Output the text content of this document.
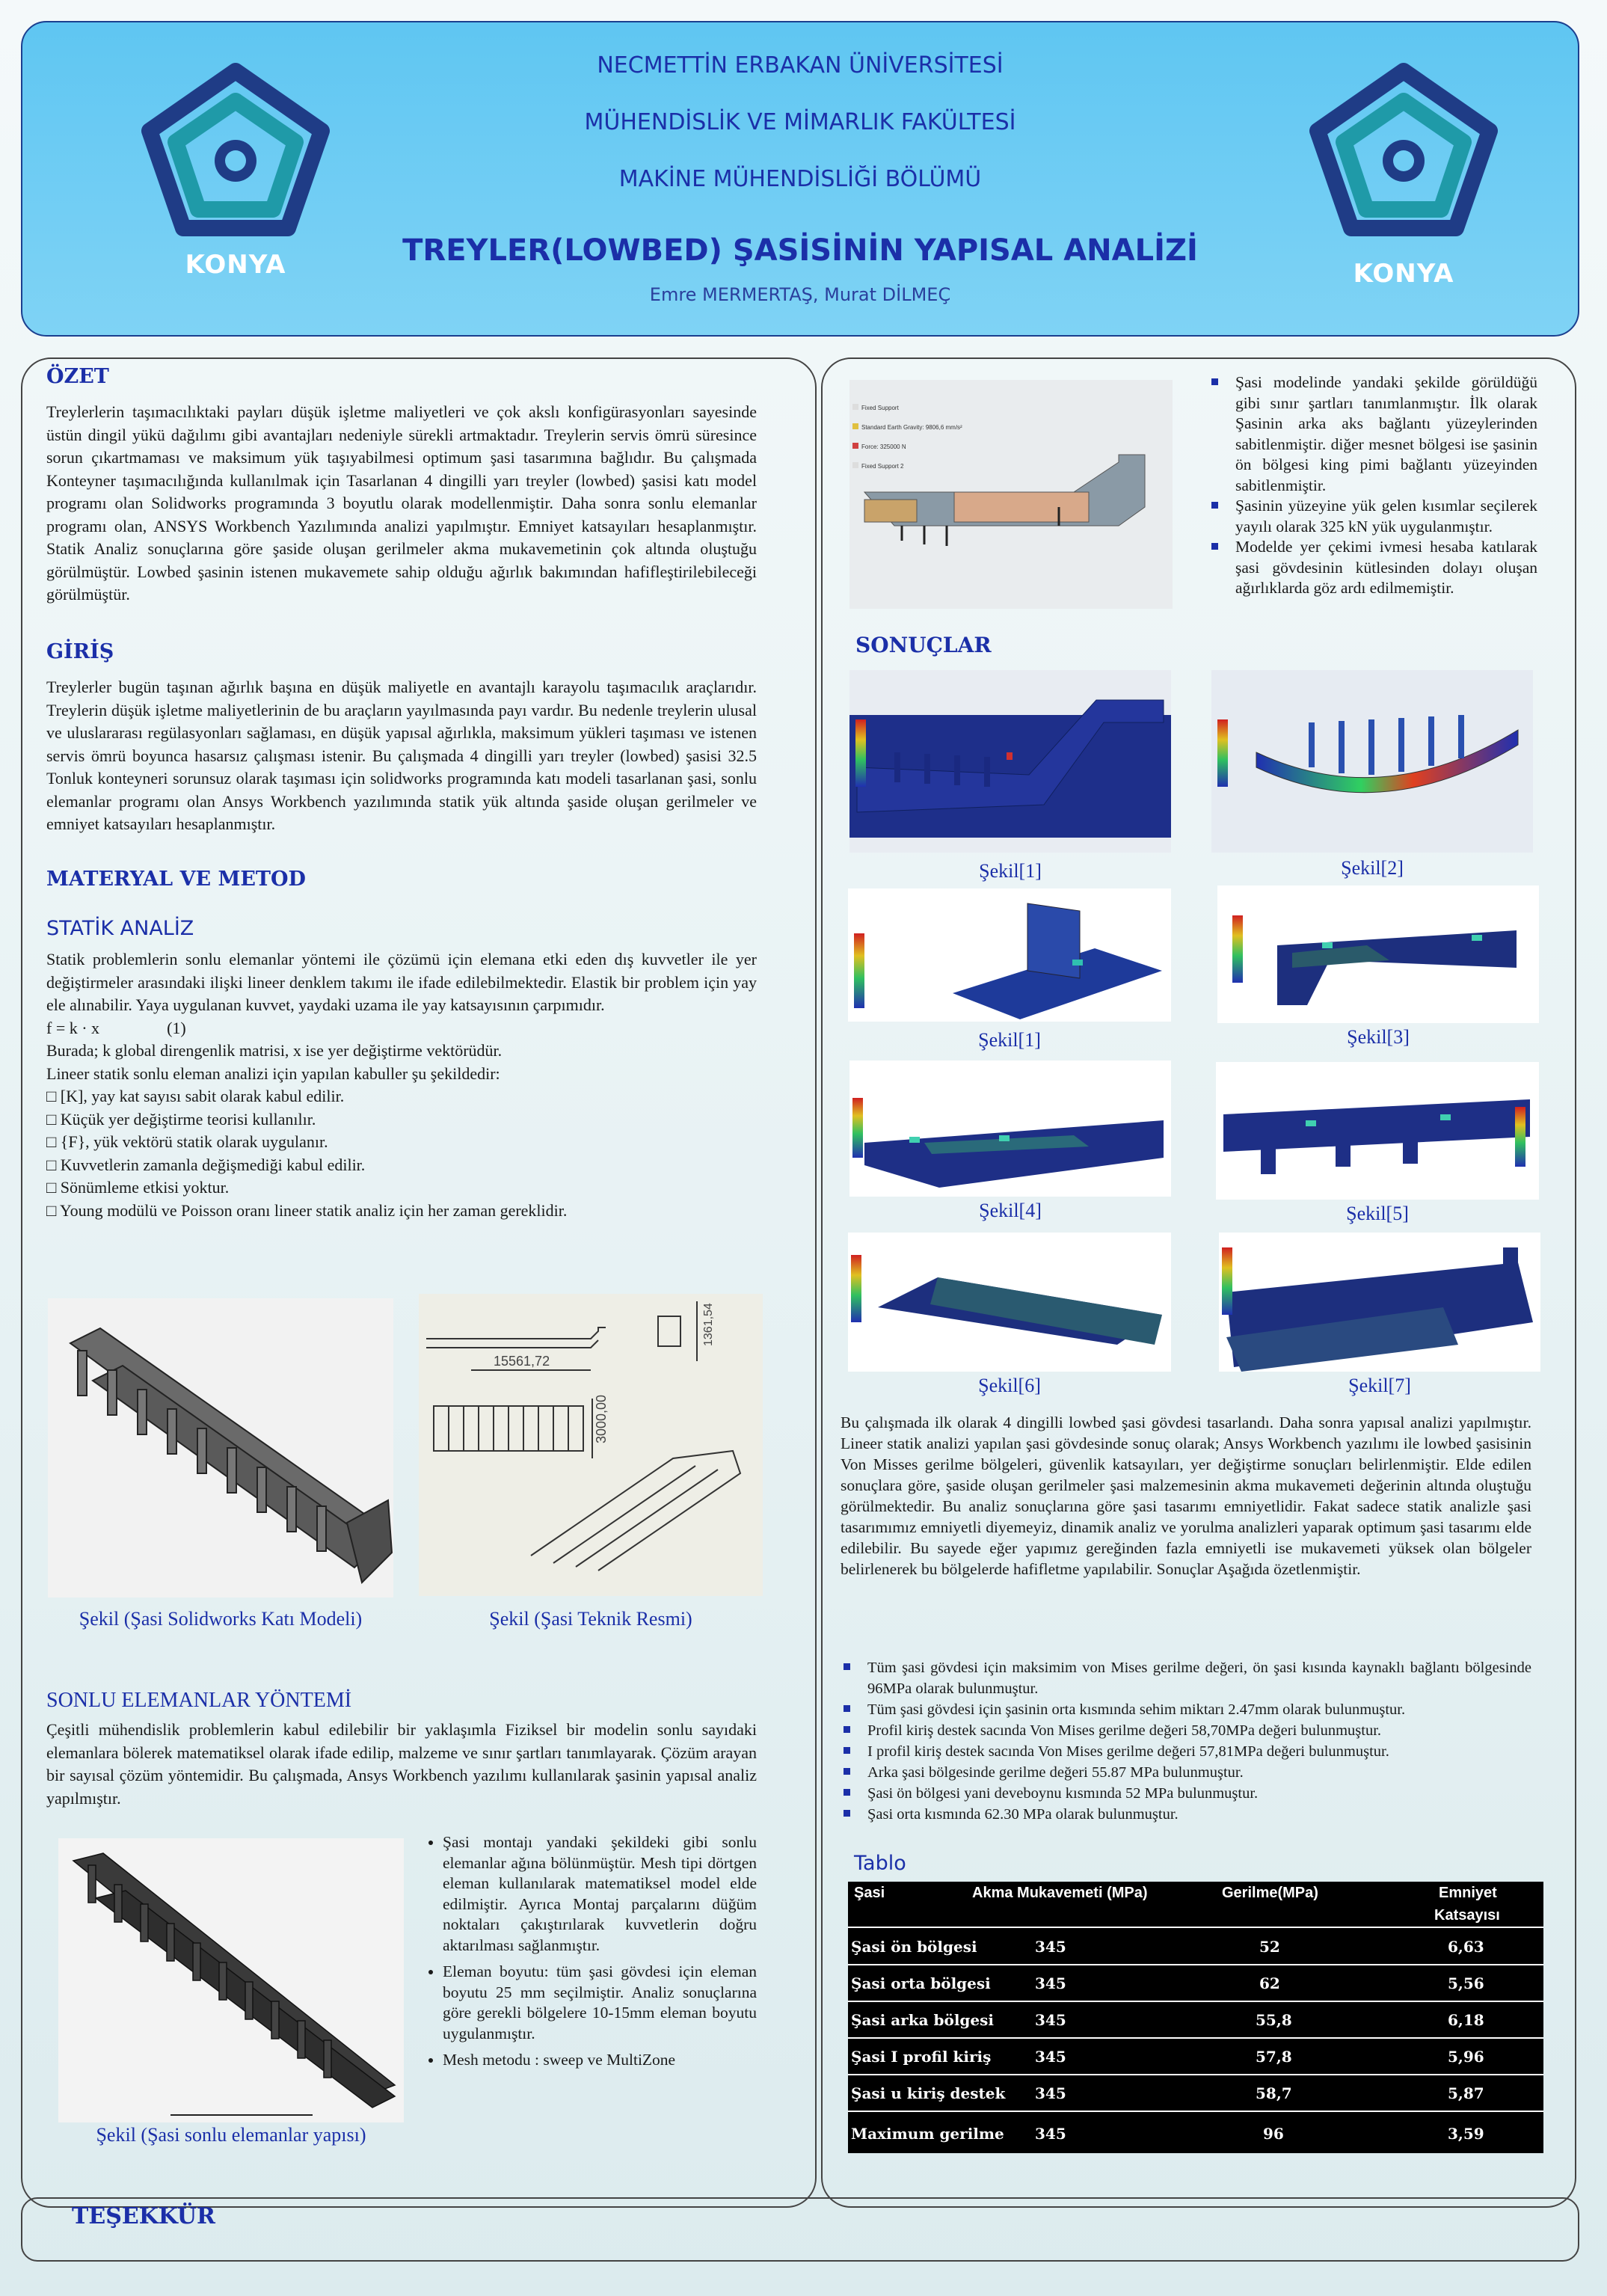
NECMETTİN ERBAKAN ÜNİVERSİTESİ
MÜHENDİSLİK VE MİMARLIK FAKÜLTESİ
MAKİNE MÜHENDİSLİĞİ BÖLÜMÜ
TREYLER(LOWBED) ŞASİSİNİN YAPISAL ANALİZİ
Emre MERMERTAŞ, Murat DİLMEÇ
KONYA	KONYA
ÖZET

Treylerlerin taşımacılıktaki payları düşük işletme maliyetleri ve çok akslı konfigürasyonları sayesinde üstün dingil yükü dağılımı gibi avantajları nedeniyle sürekli artmaktadır. Treylerin servis ömrü süresince sorun çıkartmaması ve maksimum yük taşıyabilmesi optimum şasi tasarımına bağlıdır. Bu çalışmada Konteyner taşımacılığında kullanılmak için Tasarlanan 4 dingilli yarı treyler (lowbed) şasisi katı model programı olan Solidworks programında 3 boyutlu olarak modellenmiştir. Daha sonra sonlu elemanlar programı olan, ANSYS Workbench Yazılımında analizi yapılmıştır. Emniyet katsayıları hesaplanmıştır. Statik Analiz sonuçlarına göre şaside oluşan gerilmeler akma mukavemetinin çok altında oluştuğu görülmüştür. Lowbed şasinin istenen mukavemete sahip olduğu ağırlık bakımından hafifleştirilebileceği görülmüştür.

GİRİŞ

Treylerler bugün taşınan ağırlık başına en düşük maliyetle en avantajlı karayolu taşımacılık araçlarıdır. Treylerin düşük işletme maliyetlerinin de bu araçların yayılmasında payı vardır. Bu nedenle treylerin ulusal ve uluslararası regülasyonları sağlaması, en düşük yapısal ağırlıkla, maksimum yükleri taşıması ve istenen servis ömrü boyunca hasarsız çalışması istenir. Bu çalışmada 4 dingilli yarı treyler (lowbed) şasisi 32.5 Tonluk konteyneri sorunsuz olarak taşıması için solidworks programında katı modeli tasarlanan şasi, sonlu elemanlar programı olan Ansys Workbench yazılımında statik yük altında şaside oluşan gerilmeler ve emniyet katsayıları hesaplanmıştır.

MATERYAL VE METOD
STATİK ANALİZ

Statik problemlerin sonlu elemanlar yöntemi ile çözümü için elemana etki eden dış kuvvetler ile yer değiştirmeler arasındaki ilişki lineer denklem takımı ile ifade edilebilmektedir. Elastik bir problem için yay ele alınabilir. Yaya uygulanan kuvvet, yaydaki uzama ile yay katsayısının çarpımıdır.

f = k · x	(1)

Burada; k global direngenlik matrisi, x ise yer değiştirme vektörüdür.

Lineer statik sonlu eleman analizi için yapılan kabuller şu şekildedir:

□ [K], yay kat sayısı sabit olarak kabul edilir.
□ Küçük yer değiştirme teorisi kullanılır.
□ {F}, yük vektörü statik olarak uygulanır.
□ Kuvvetlerin zamanla değişmediği kabul edilir.
□ Sönümleme etkisi yoktur.
□ Young modülü ve Poisson oranı lineer statik analiz için her zaman gereklidir.
Şekil (Şasi Solidworks Katı Modeli)
15561,72
3000,00
1361,54
Şekil (Şasi Teknik Resmi)
SONLU ELEMANLAR YÖNTEMİ

Çeşitli mühendislik problemlerin kabul edilebilir bir yaklaşımla Fiziksel bir modelin sonlu sayıdaki elemanlara bölerek matematiksel olarak ifade edilip, malzeme ve sınır şartları tanımlayarak. Çözüm arayan bir sayısal çözüm yöntemidir. Bu çalışmada, Ansys Workbench yazılımı kullanılarak şasinin yapısal analiz yapılmıştır.

Şekil (Şasi sonlu elemanlar yapısı)
• Şasi montajı yandaki şekildeki gibi sonlu elemanlar ağına bölünmüştür. Mesh tipi dörtgen eleman kullanılarak matematiksel model elde edilmiştir. Ayrıca Montaj parçalarını düğüm noktaları çakıştırılarak kuvvetlerin doğru aktarılması sağlanmıştır.
• Eleman boyutu: tüm şasi gövdesi için eleman boyutu 25 mm seçilmiştir. Analiz sonuçlarına göre gerekli bölgelere 10-15mm eleman boyutu uygulanmıştır.
• Mesh metodu : sweep ve MultiZone
Fixed Support
Standard Earth Gravity: 9806,6 mm/s²
Force: 325000 N
Fixed Support 2
Şasi modelinde yandaki şekilde görüldüğü gibi sınır şartları tanımlanmıştır. İlk olarak Şasinin arka aks bağlantı yüzeylerinden sabitlenmiştir. diğer mesnet bölgesi ise şasinin ön bölgesi king pimi bağlantı yüzeyinden sabitlenmiştir.
Şasinin yüzeyine yük gelen kısımlar seçilerek yayılı olarak 325 kN yük uygulanmıştır.
Modelde yer çekimi ivmesi hesaba katılarak şasi gövdesinin kütlesinden dolayı oluşan ağırlıklarda göz ardı edilmemiştir.
SONUÇLAR
Şekil[1]	Şekil[2]
Şekil[1]	Şekil[3]
Şekil[4]	Şekil[5]
Şekil[6]	Şekil[7]

Bu çalışmada ilk olarak 4 dingilli lowbed şasi gövdesi tasarlandı. Daha sonra yapısal analizi yapılmıştır. Lineer statik analizi yapılan şasi gövdesinde sonuç olarak; Ansys Workbench yazılımı ile lowbed şasisinin Von Misses gerilme bölgeleri, güvenlik katsayıları, yer değiştirme sonuçları belirlenmiştir. Elde edilen sonuçlara göre, şaside oluşan gerilmeler şasi malzemesinin akma mukavemeti değerinin altında oluştuğu görülmektedir. Bu analiz sonuçlarına göre şasi tasarımı emniyetlidir. Fakat sadece statik analizle şasi tasarımımız emniyetli diyemeyiz, dinamik analiz ve yorulma analizleri yaparak optimum şasi tasarımı elde edilebilir. Bu sayede eğer yapımız gereğinden fazla emniyetli ise mukavemeti yüksek olan bölgeler belirlenerek bu bölgelerde hafifletme yapılabilir. Sonuçlar Aşağıda özetlenmiştir.

Tüm şasi gövdesi için maksimim von Mises gerilme değeri, ön şasi kısında kaynaklı bağlantı bölgesinde 96MPa olarak bulunmuştur.
Tüm şasi gövdesi için şasinin orta kısmında sehim miktarı 2.47mm olarak bulunmuştur.
Profil kiriş destek sacında Von Mises gerilme değeri 58,70MPa değeri bulunmuştur.
I profil kiriş destek sacında Von Mises gerilme değeri 57,81MPa değeri bulunmuştur.
Arka şasi bölgesinde gerilme değeri 55.87 MPa bulunmuştur.
Şasi ön bölgesi yani deveboynu kısmında 52 MPa bulunmuştur.
Şasi orta kısmında 62.30 MPa olarak bulunmuştur.
Tablo
Şasi	Akma Mukavemeti (MPa)	Gerilme(MPa)	Emniyet
Katsayısı
Şasi ön bölgesi	345	52	6,63
Şasi orta bölgesi	345	62	5,56
Şasi arka bölgesi	345	55,8	6,18
Şasi I profil kiriş	345	57,8	5,96
Şasi u kiriş destek 345	58,7	5,87
Maximum gerilme 345	96	3,59
TEŞEKKÜR
